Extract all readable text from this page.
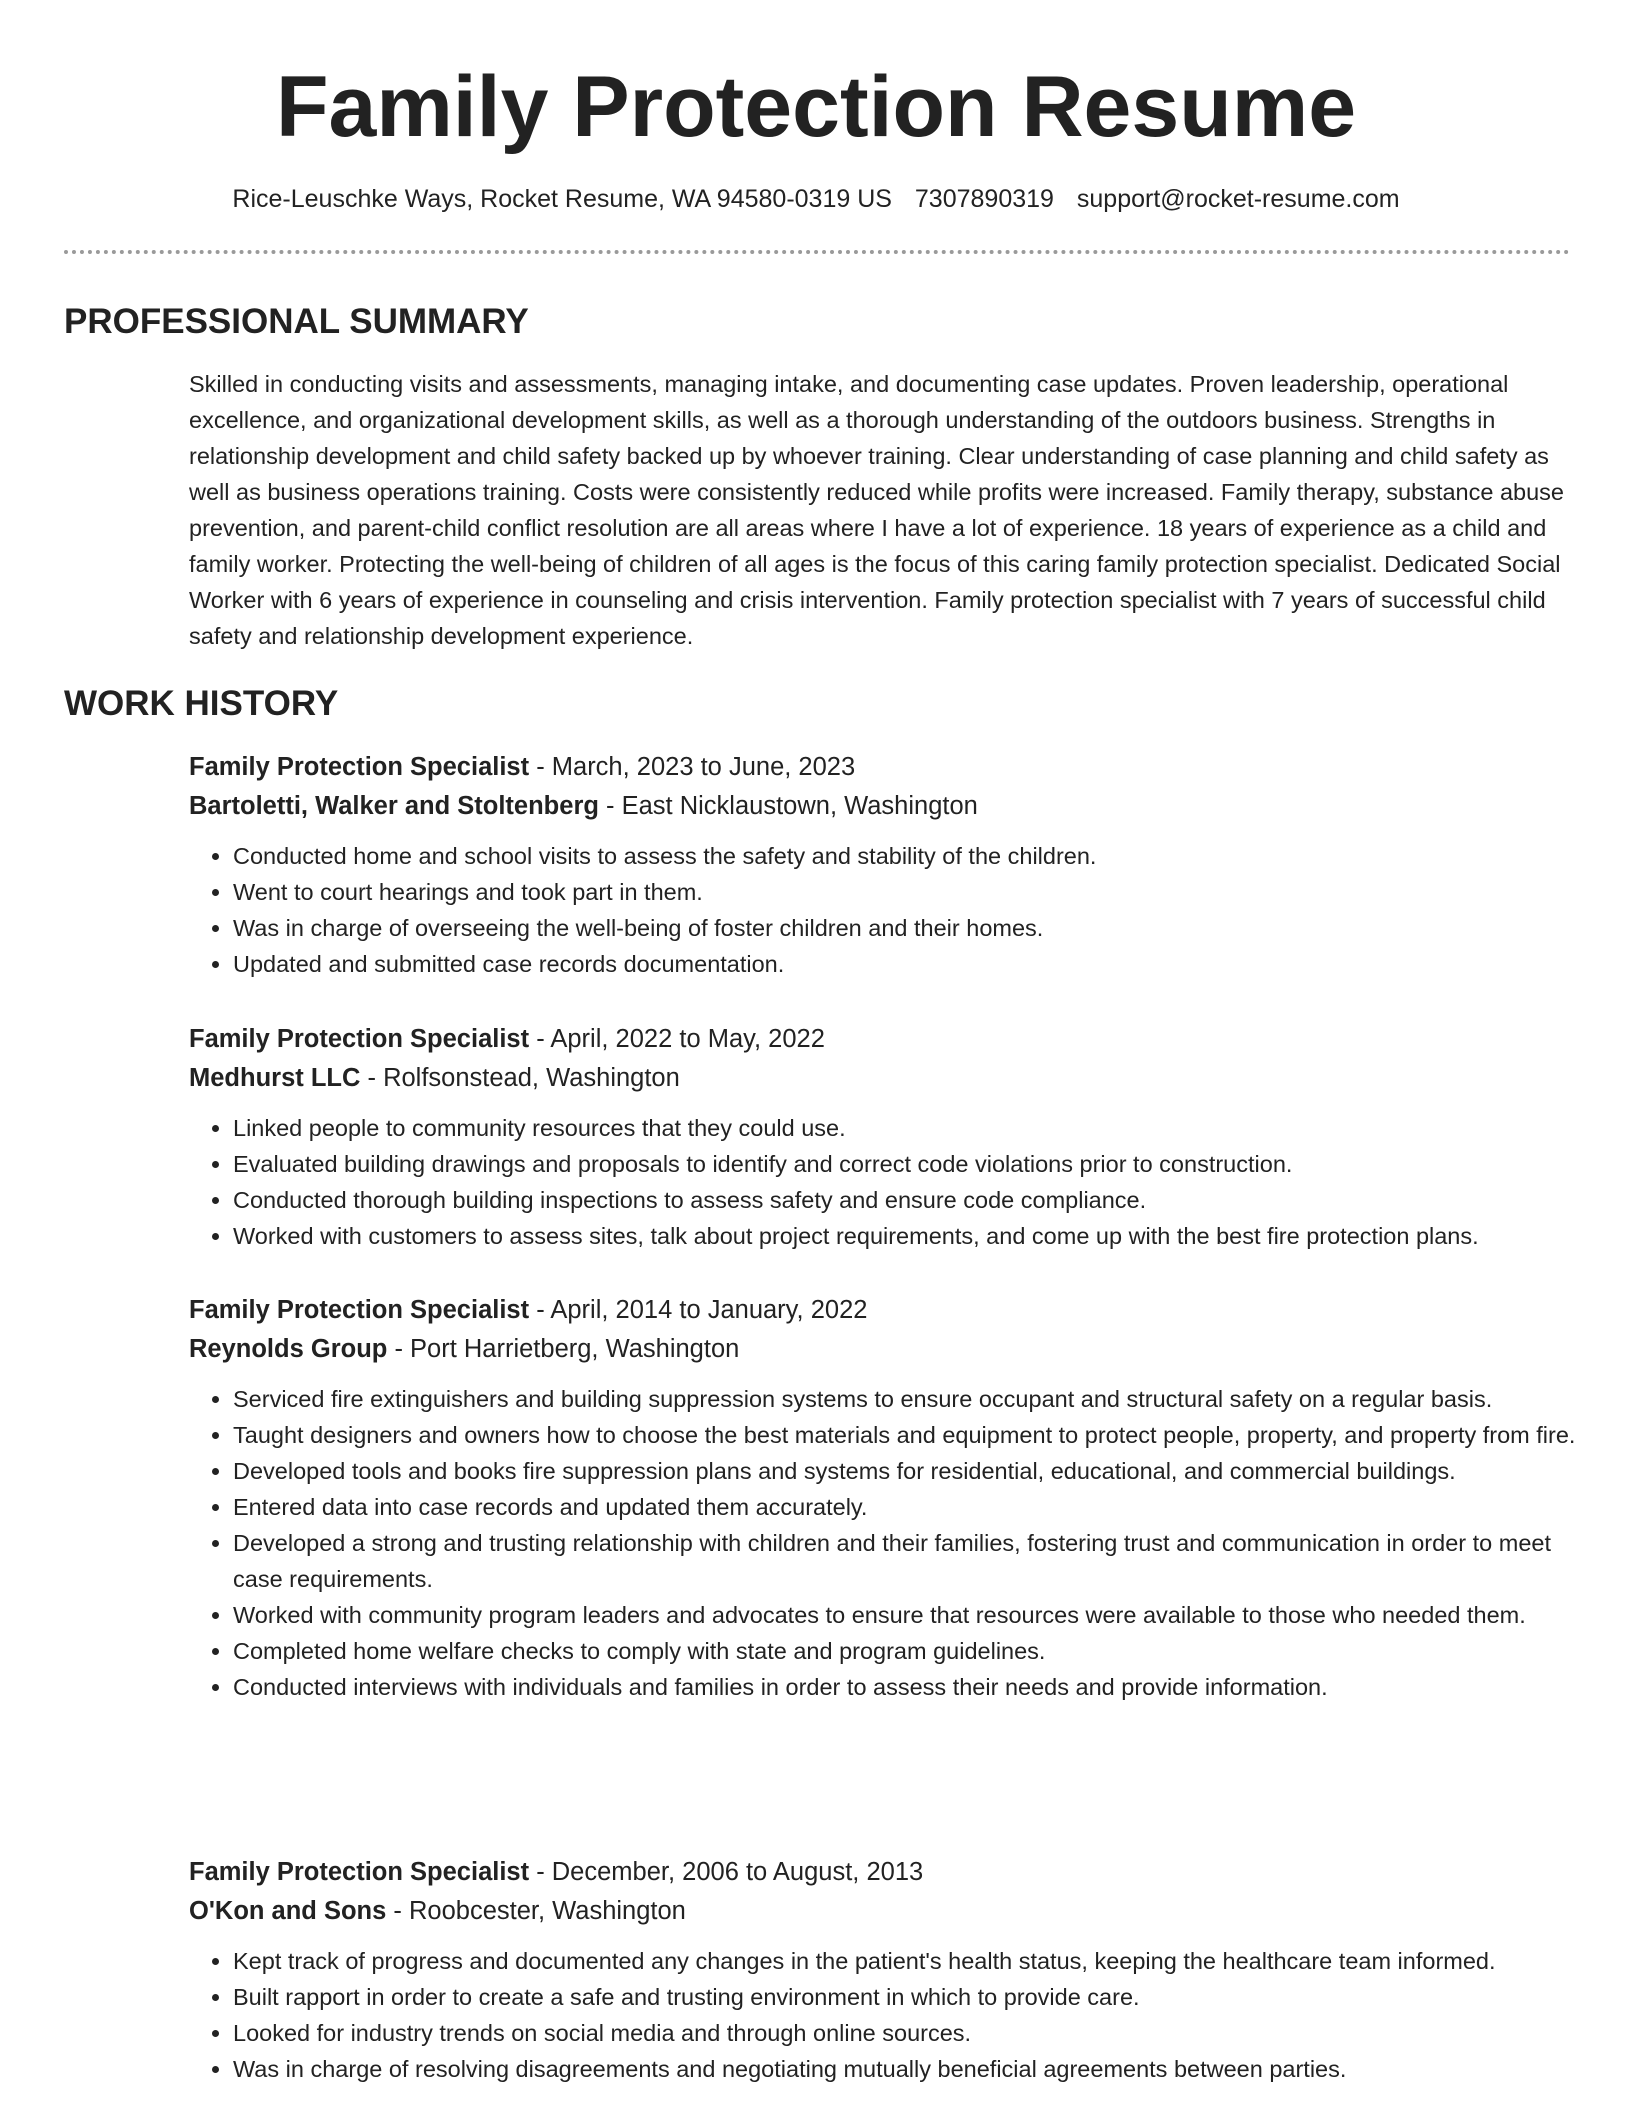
Family Protection Resume
Rice-Leuschke Ways, Rocket Resume, WA 94580-0319 US 7307890319 support@rocket-resume.com
PROFESSIONAL SUMMARY

Skilled in conducting visits and assessments, managing intake, and documenting case updates. Proven leadership, operational excellence, and organizational development skills, as well as a thorough understanding of the outdoors business. Strengths in relationship development and child safety backed up by whoever training. Clear understanding of case planning and child safety as well as business operations training. Costs were consistently reduced while profits were increased. Family therapy, substance abuse prevention, and parent-child conflict resolution are all areas where I have a lot of experience. 18 years of experience as a child and family worker. Protecting the well-being of children of all ages is the focus of this caring family protection specialist. Dedicated Social Worker with 6 years of experience in counseling and crisis intervention. Family protection specialist with 7 years of successful child safety and relationship development experience.

WORK HISTORY
Family Protection Specialist - March, 2023 to June, 2023
Bartoletti, Walker and Stoltenberg - East Nicklaustown, Washington
• Conducted home and school visits to assess the safety and stability of the children.
• Went to court hearings and took part in them.
• Was in charge of overseeing the well-being of foster children and their homes.
• Updated and submitted case records documentation.
Family Protection Specialist - April, 2022 to May, 2022
Medhurst LLC - Rolfsonstead, Washington
• Linked people to community resources that they could use.
• Evaluated building drawings and proposals to identify and correct code violations prior to construction.
• Conducted thorough building inspections to assess safety and ensure code compliance.
• Worked with customers to assess sites, talk about project requirements, and come up with the best fire protection plans.
Family Protection Specialist - April, 2014 to January, 2022
Reynolds Group - Port Harrietberg, Washington
• Serviced fire extinguishers and building suppression systems to ensure occupant and structural safety on a regular basis.
• Taught designers and owners how to choose the best materials and equipment to protect people, property, and property from fire.
• Developed tools and books fire suppression plans and systems for residential, educational, and commercial buildings.
• Entered data into case records and updated them accurately.
• Developed a strong and trusting relationship with children and their families, fostering trust and communication in order to meet case requirements.
• Worked with community program leaders and advocates to ensure that resources were available to those who needed them.
• Completed home welfare checks to comply with state and program guidelines.
• Conducted interviews with individuals and families in order to assess their needs and provide information.
Family Protection Specialist - December, 2006 to August, 2013
O'Kon and Sons - Roobcester, Washington
• Kept track of progress and documented any changes in the patient's health status, keeping the healthcare team informed.
• Built rapport in order to create a safe and trusting environment in which to provide care.
• Looked for industry trends on social media and through online sources.
• Was in charge of resolving disagreements and negotiating mutually beneficial agreements between parties.
